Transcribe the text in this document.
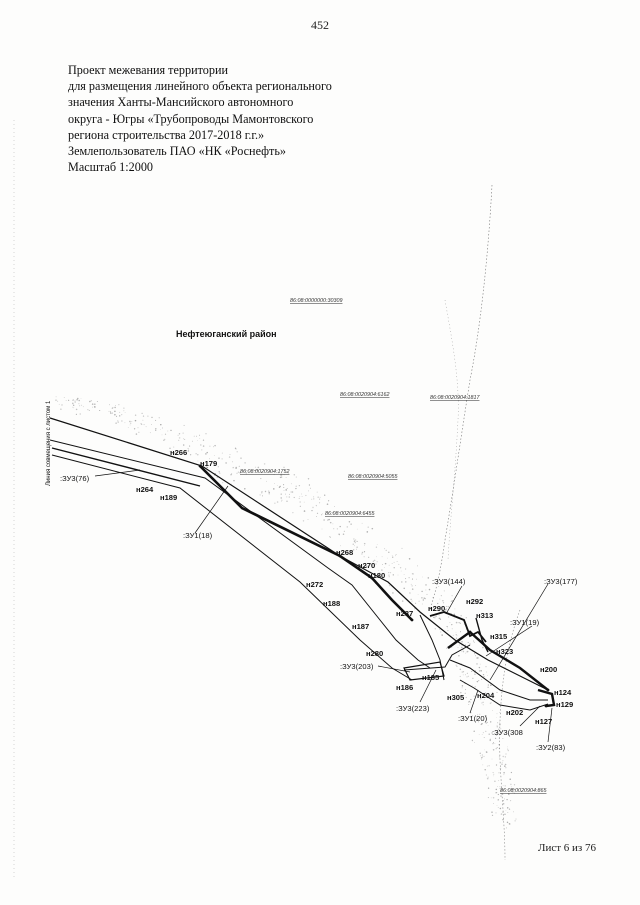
452
Проект межевания территории
для размещения линейного объекта регионального
значения Ханты-Мансийского автономного
округа - Югры «Трубопроводы Мамонтовского
региона строительства 2017-2018 г.г.»
Землепользователь ПАО «НК «Роснефть»
Масштаб 1:2000
Нефтеюганский район
Линия совмещения с листом 1
86:08:0000000:30309
86:08:0020904:6162	86:08:0020904:1817
86:08:0020904:1752
86:08:0020904:5055
86:08:0020904:6455
86:08:0020904:865
:ЗУ3(76)
:ЗУ1(18)
:ЗУ3(144)	:ЗУ3(177)
:ЗУ1(19)
:ЗУ3(203)
:ЗУ3(223)
:ЗУ1(20)
:ЗУ3(308
:ЗУ2(83)
н266
н179
н264
н189
н268
н270
н180
н272
н188
н287
н290
н292
н313
н315
н323
н187
н280
н185
н186
н305 н204
н200
н124
н129
н202
н127
Лист 6 из 76
